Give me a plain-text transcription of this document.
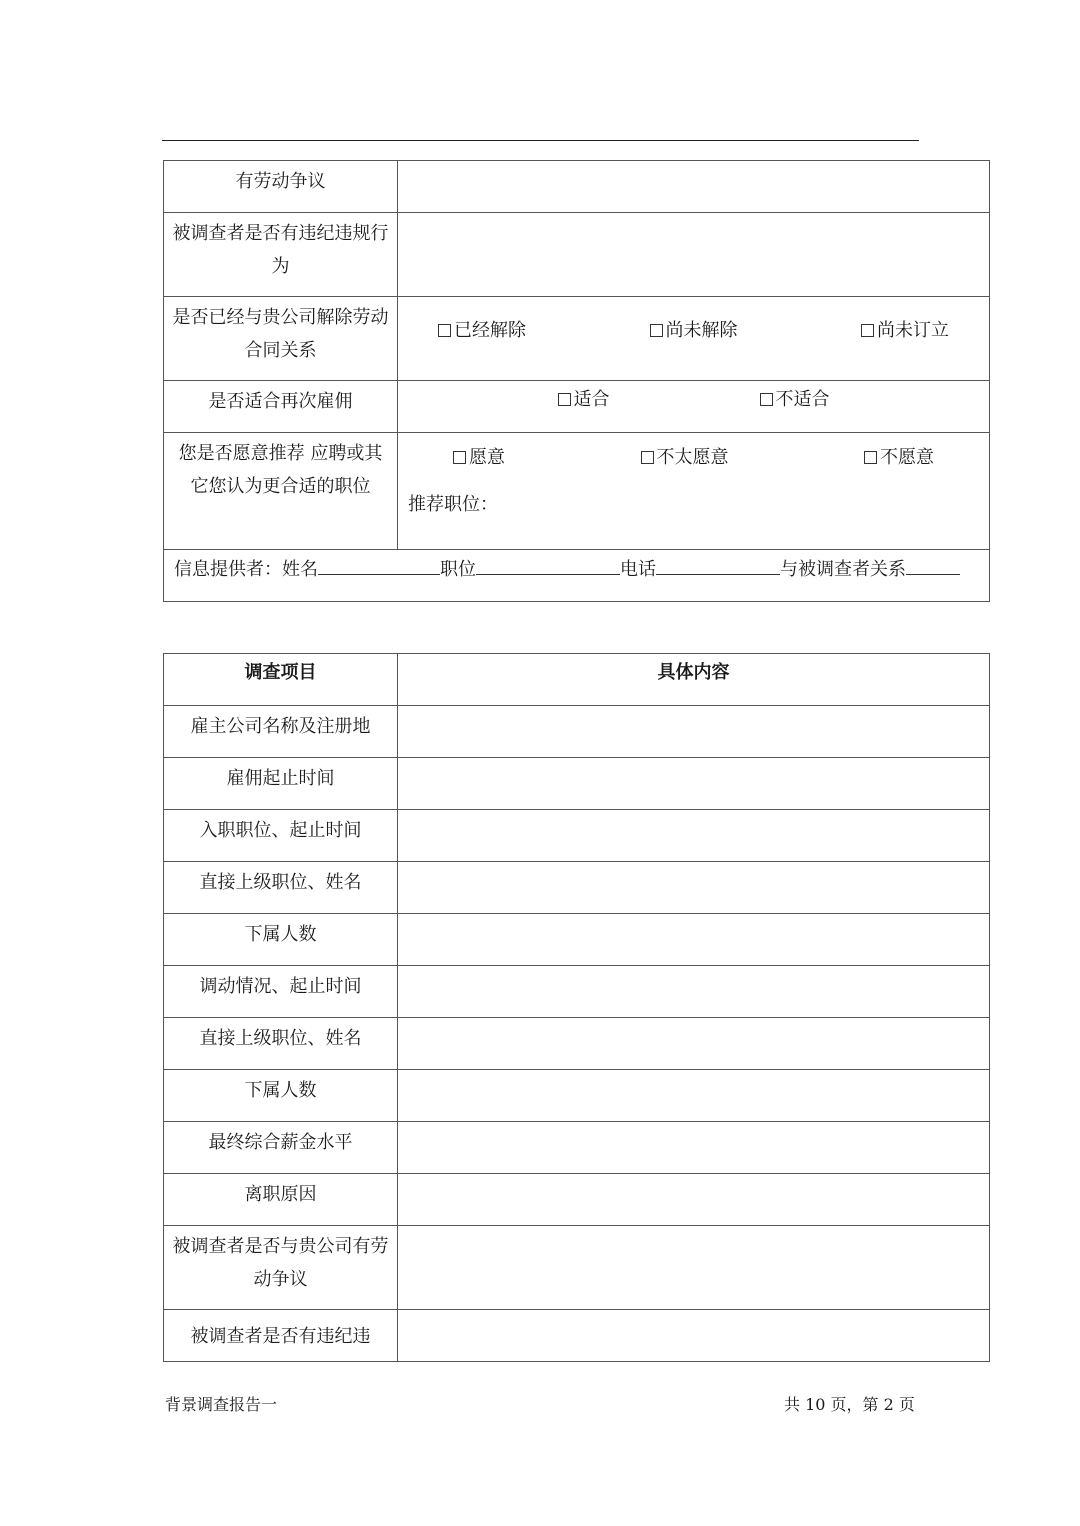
有劳动争议	
被调查者是否有违纪违规行为	
是否已经与贵公司解除劳动合同关系	已经解除 尚未解除 尚未订立

是否适合再次雇佣	适合 不适合

您是否愿意推荐 应聘或其它您认为更合适的职位	愿意 不太愿意 不愿意
推荐职位：

信息提供者：姓名 职位 电话 与被调查者关系	
调查项目	具体内容
雇主公司名称及注册地	
雇佣起止时间	
入职职位、起止时间	
直接上级职位、姓名	
下属人数	
调动情况、起止时间	
直接上级职位、姓名	
下属人数	
最终综合薪金水平	
离职原因	
被调查者是否与贵公司有劳动争议	
被调查者是否有违纪违	
背景调查报告一	共 10 页，第 2 页
